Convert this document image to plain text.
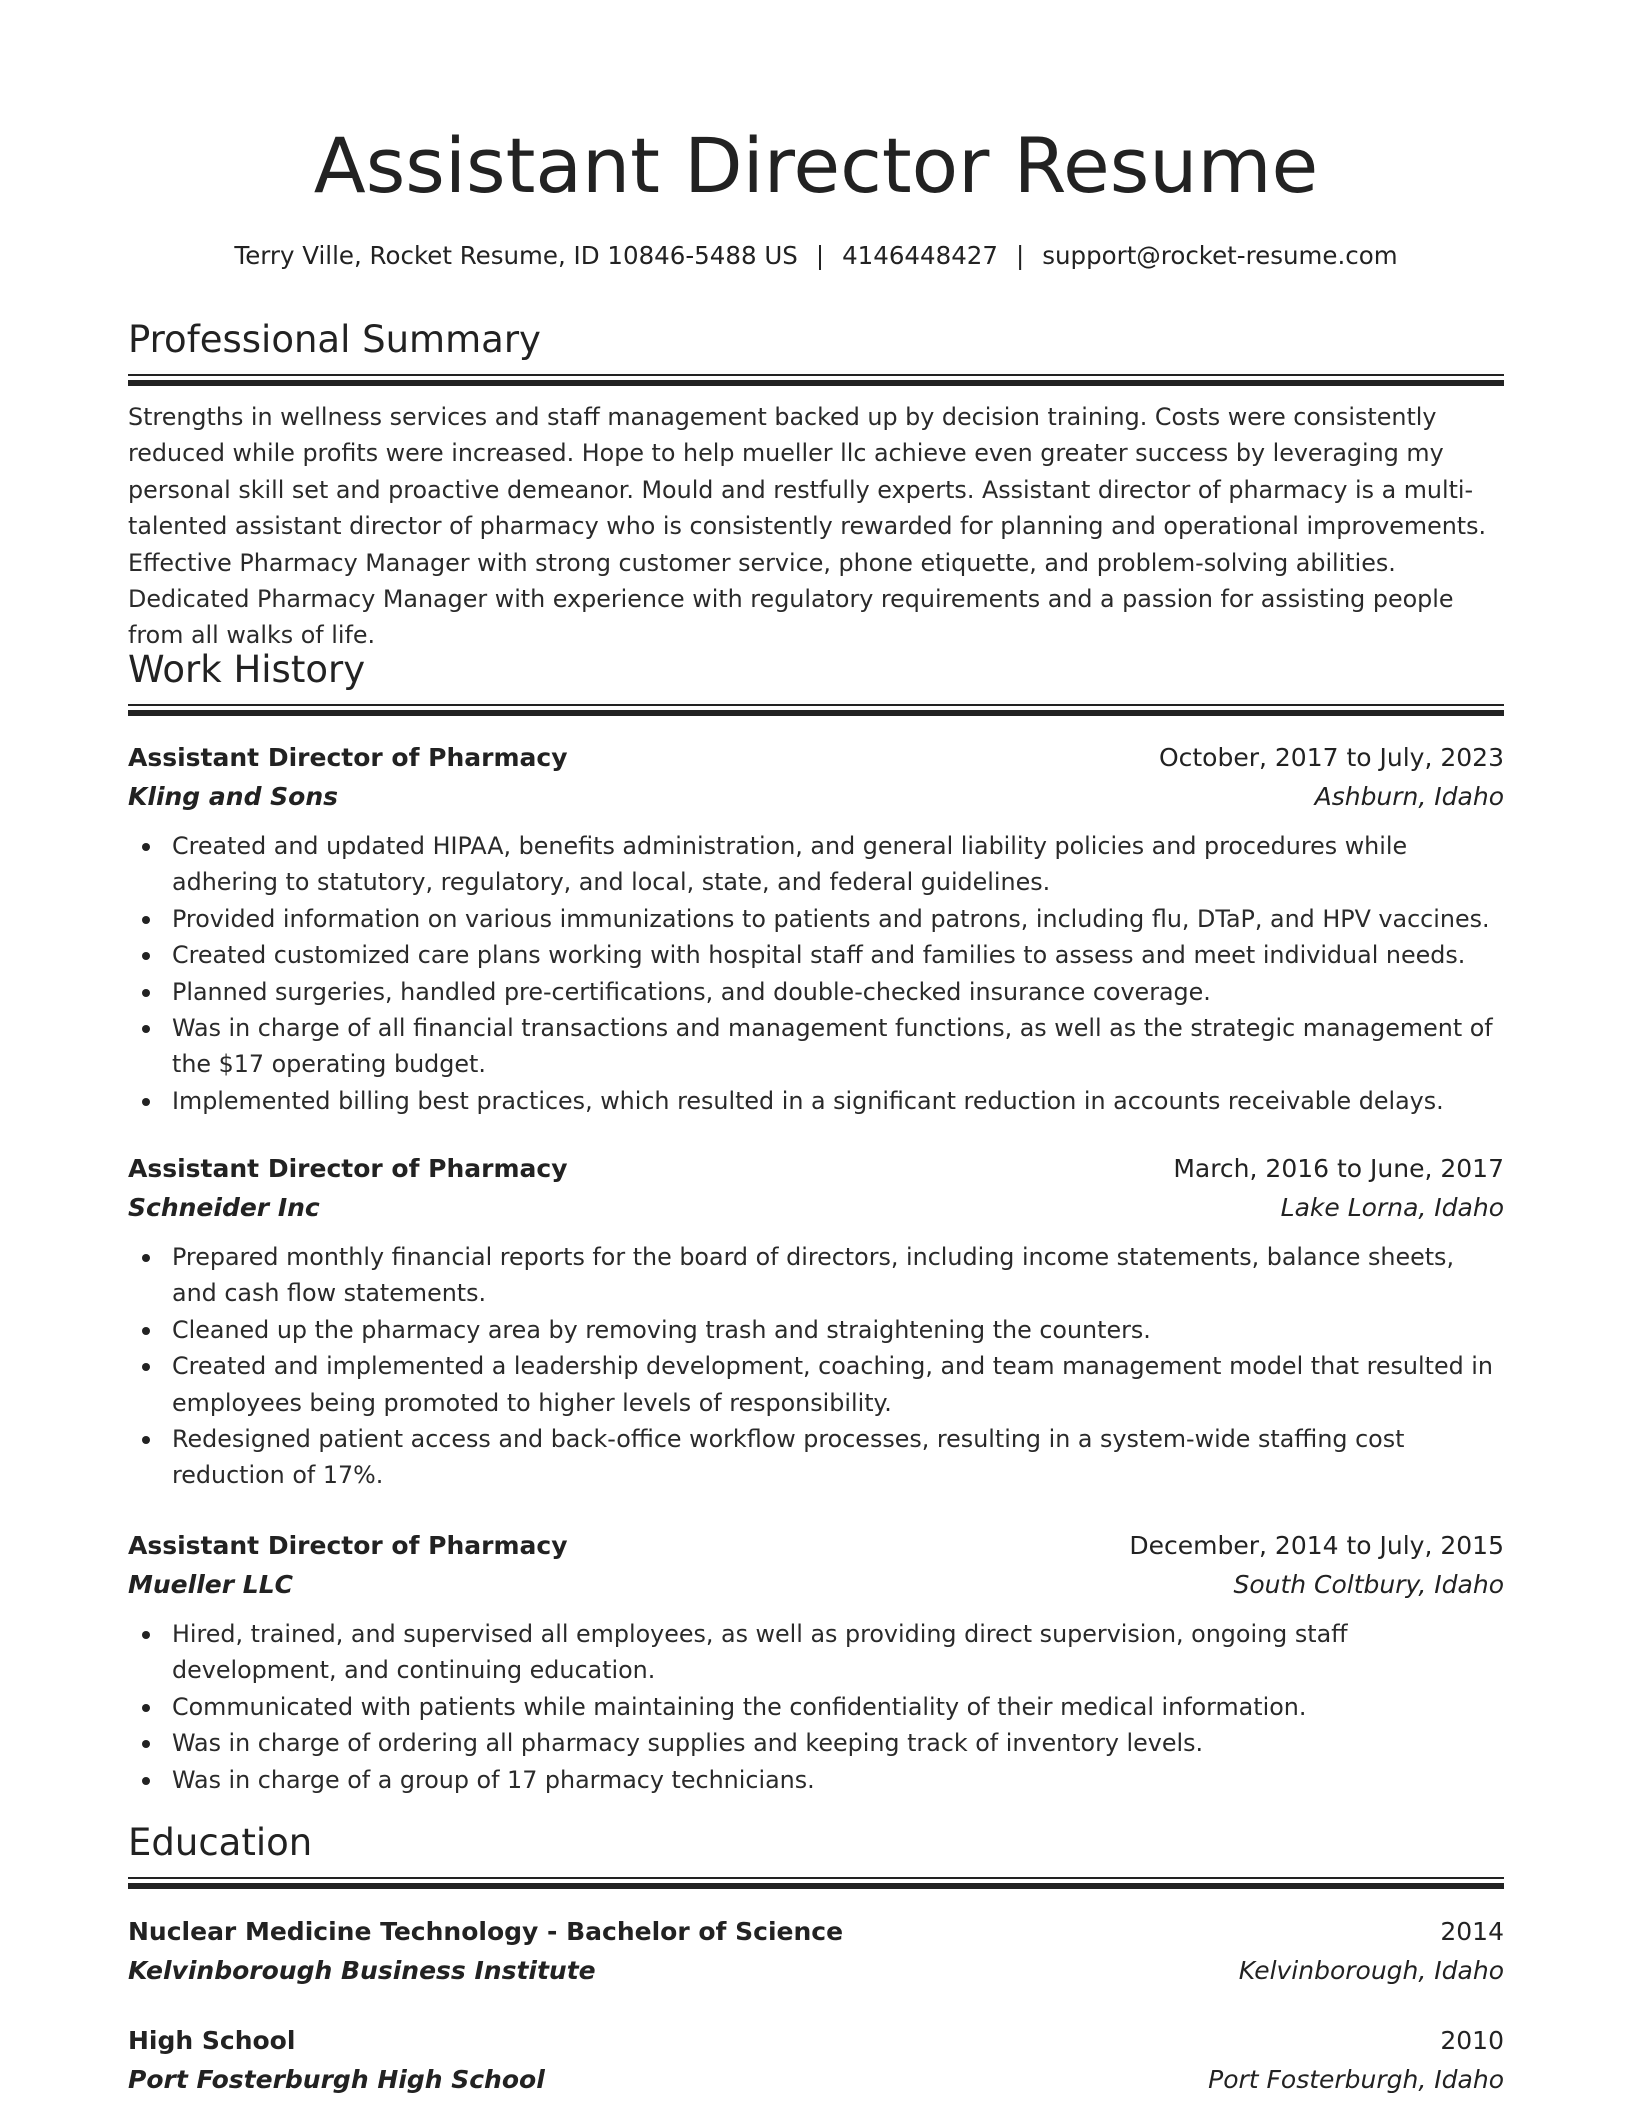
Assistant Director Resume
Terry Ville, Rocket Resume, ID 10846-5488 US | 4146448427 | support@rocket-resume.com
Professional Summary

Strengths in wellness services and staff management backed up by decision training. Costs were consistently reduced while profits were increased. Hope to help mueller llc achieve even greater success by leveraging my personal skill set and proactive demeanor. Mould and restfully experts. Assistant director of pharmacy is a multi-talented assistant director of pharmacy who is consistently rewarded for planning and operational improvements. Effective Pharmacy Manager with strong customer service, phone etiquette, and problem-solving abilities. Dedicated Pharmacy Manager with experience with regulatory requirements and a passion for assisting people from all walks of life.

Work History
Assistant Director of Pharmacy	October, 2017 to July, 2023
Kling and Sons	Ashburn, Idaho
Created and updated HIPAA, benefits administration, and general liability policies and procedures while adhering to statutory, regulatory, and local, state, and federal guidelines.
Provided information on various immunizations to patients and patrons, including flu, DTaP, and HPV vaccines.
Created customized care plans working with hospital staff and families to assess and meet individual needs.
Planned surgeries, handled pre-certifications, and double-checked insurance coverage.
Was in charge of all financial transactions and management functions, as well as the strategic management of the $17 operating budget.
Implemented billing best practices, which resulted in a significant reduction in accounts receivable delays.
Assistant Director of Pharmacy	March, 2016 to June, 2017
Schneider Inc	Lake Lorna, Idaho
Prepared monthly financial reports for the board of directors, including income statements, balance sheets, and cash flow statements.
Cleaned up the pharmacy area by removing trash and straightening the counters.
Created and implemented a leadership development, coaching, and team management model that resulted in employees being promoted to higher levels of responsibility.
Redesigned patient access and back-office workflow processes, resulting in a system-wide staffing cost reduction of 17%.
Assistant Director of Pharmacy	December, 2014 to July, 2015
Mueller LLC	South Coltbury, Idaho
Hired, trained, and supervised all employees, as well as providing direct supervision, ongoing staff development, and continuing education.
Communicated with patients while maintaining the confidentiality of their medical information.
Was in charge of ordering all pharmacy supplies and keeping track of inventory levels.
Was in charge of a group of 17 pharmacy technicians.
Education
Nuclear Medicine Technology - Bachelor of Science	2014
Kelvinborough Business Institute	Kelvinborough, Idaho
High School	2010
Port Fosterburgh High School	Port Fosterburgh, Idaho
